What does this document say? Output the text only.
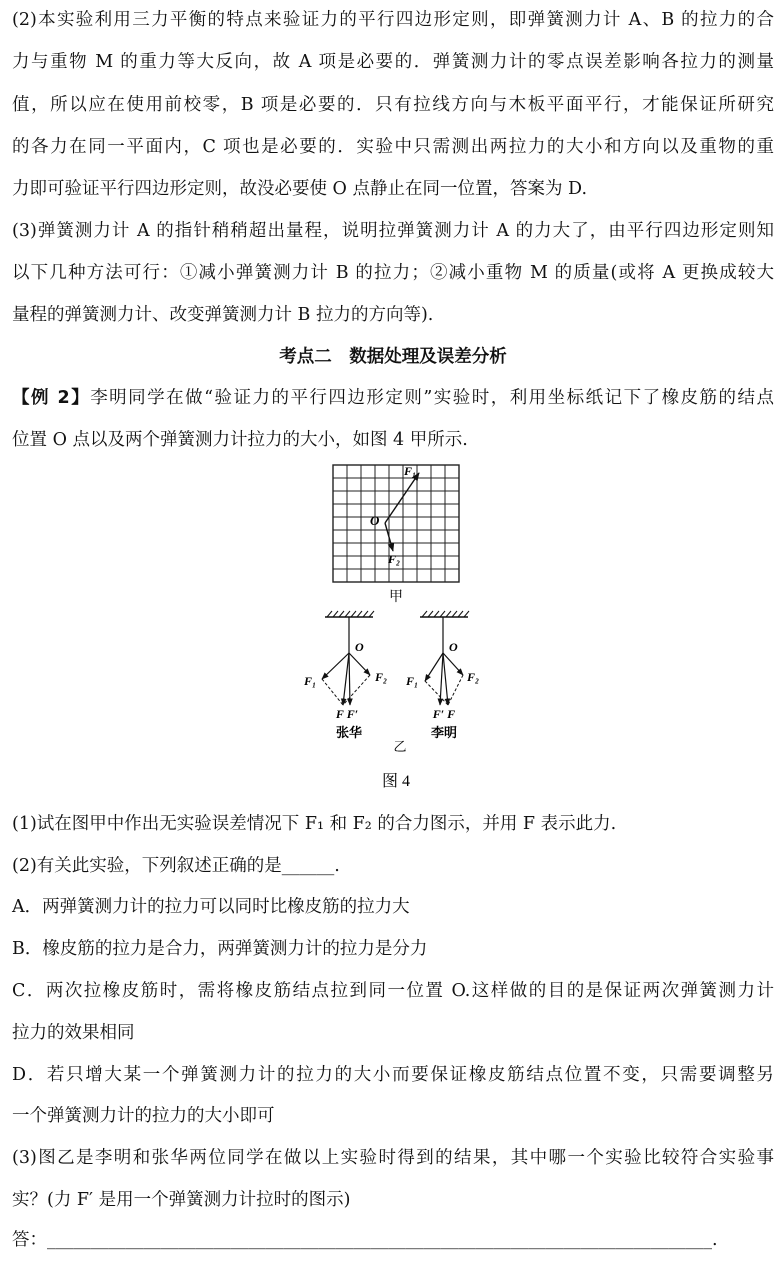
(2)本实验利用三力平衡的特点来验证力的平行四边形定则，即弹簧测力计 A、B 的拉力的合
力与重物 M 的重力等大反向，故 A 项是必要的．弹簧测力计的零点误差影响各拉力的测量
值，所以应在使用前校零，B 项是必要的．只有拉线方向与木板平面平行，才能保证所研究
的各力在同一平面内，C 项也是必要的．实验中只需测出两拉力的大小和方向以及重物的重
力即可验证平行四边形定则，故没必要使 O 点静止在同一位置，答案为 D.
(3)弹簧测力计 A 的指针稍稍超出量程，说明拉弹簧测力计 A 的力大了，由平行四边形定则知
以下几种方法可行：①减小弹簧测力计 B 的拉力；②减小重物 M 的质量(或将 A 更换成较大
量程的弹簧测力计、改变弹簧测力计 B 拉力的方向等).
考点二　数据处理及误差分析
【例 2】李明同学在做“验证力的平行四边形定则”实验时，利用坐标纸记下了橡皮筋的结点
位置 O 点以及两个弹簧测力计拉力的大小，如图 4 甲所示.
F₁
O
F₂
甲
O
F₁	F₂
F F′
张华
O
F₁	F₂
F′ F
李明
乙
图 4
(1)试在图甲中作出无实验误差情况下 F₁ 和 F₂ 的合力图示，并用 F 表示此力.
(2)有关此实验，下列叙述正确的是______.
A．两弹簧测力计的拉力可以同时比橡皮筋的拉力大
B．橡皮筋的拉力是合力，两弹簧测力计的拉力是分力
C．两次拉橡皮筋时，需将橡皮筋结点拉到同一位置 O.这样做的目的是保证两次弹簧测力计
拉力的效果相同
D．若只增大某一个弹簧测力计的拉力的大小而要保证橡皮筋结点位置不变，只需要调整另
一个弹簧测力计的拉力的大小即可
(3)图乙是李明和张华两位同学在做以上实验时得到的结果，其中哪一个实验比较符合实验事
实？(力 F′ 是用一个弹簧测力计拉时的图示)
答：____________________________________________________________________________.
